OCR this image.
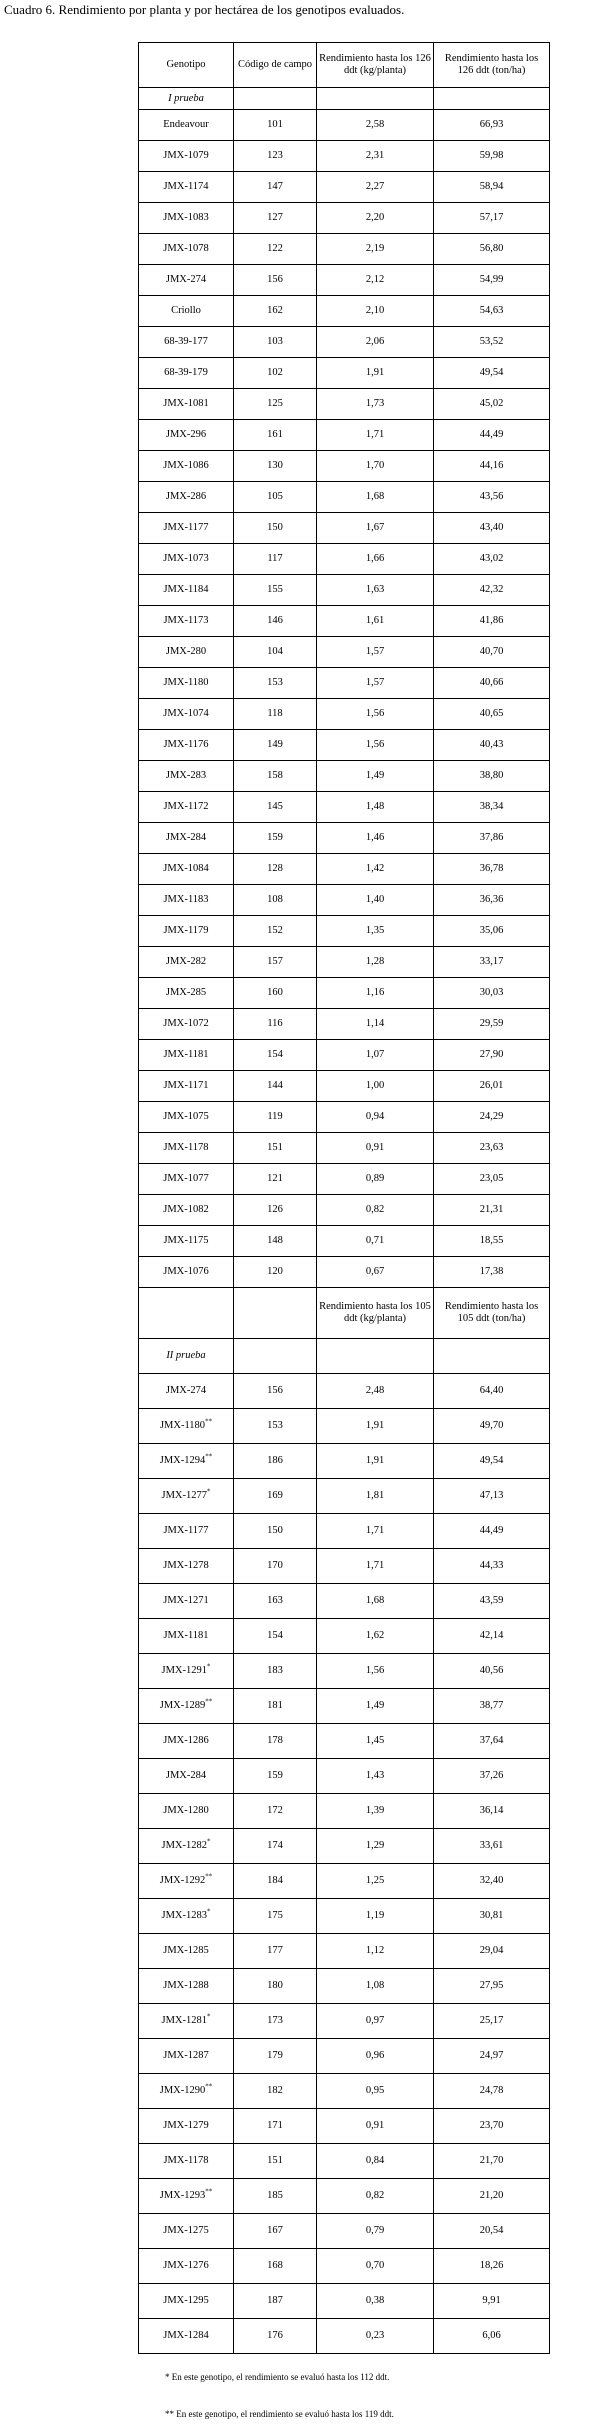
Cuadro 6. Rendimiento por planta y por hectárea de los genotipos evaluados.
Genotipo	Código de campo	Rendimiento hasta los 126 ddt (kg/planta)	Rendimiento hasta los 126 ddt (ton/ha)
I prueba			
Endeavour	101	2,58	66,93
JMX-1079	123	2,31	59,98
JMX-1174	147	2,27	58,94
JMX-1083	127	2,20	57,17
JMX-1078	122	2,19	56,80
JMX-274	156	2,12	54,99
Criollo	162	2,10	54,63
68-39-177	103	2,06	53,52
68-39-179	102	1,91	49,54
JMX-1081	125	1,73	45,02
JMX-296	161	1,71	44,49
JMX-1086	130	1,70	44,16
JMX-286	105	1,68	43,56
JMX-1177	150	1,67	43,40
JMX-1073	117	1,66	43,02
JMX-1184	155	1,63	42,32
JMX-1173	146	1,61	41,86
JMX-280	104	1,57	40,70
JMX-1180	153	1,57	40,66
JMX-1074	118	1,56	40,65
JMX-1176	149	1,56	40,43
JMX-283	158	1,49	38,80
JMX-1172	145	1,48	38,34
JMX-284	159	1,46	37,86
JMX-1084	128	1,42	36,78
JMX-1183	108	1,40	36,36
JMX-1179	152	1,35	35,06
JMX-282	157	1,28	33,17
JMX-285	160	1,16	30,03
JMX-1072	116	1,14	29,59
JMX-1181	154	1,07	27,90
JMX-1171	144	1,00	26,01
JMX-1075	119	0,94	24,29
JMX-1178	151	0,91	23,63
JMX-1077	121	0,89	23,05
JMX-1082	126	0,82	21,31
JMX-1175	148	0,71	18,55
JMX-1076	120	0,67	17,38
		Rendimiento hasta los 105 ddt (kg/planta)	Rendimiento hasta los 105 ddt (ton/ha)
II prueba			
JMX-274	156	2,48	64,40
JMX-1180**	153	1,91	49,70
JMX-1294**	186	1,91	49,54
JMX-1277*	169	1,81	47,13
JMX-1177	150	1,71	44,49
JMX-1278	170	1,71	44,33
JMX-1271	163	1,68	43,59
JMX-1181	154	1,62	42,14
JMX-1291*	183	1,56	40,56
JMX-1289**	181	1,49	38,77
JMX-1286	178	1,45	37,64
JMX-284	159	1,43	37,26
JMX-1280	172	1,39	36,14
JMX-1282*	174	1,29	33,61
JMX-1292**	184	1,25	32,40
JMX-1283*	175	1,19	30,81
JMX-1285	177	1,12	29,04
JMX-1288	180	1,08	27,95
JMX-1281*	173	0,97	25,17
JMX-1287	179	0,96	24,97
JMX-1290**	182	0,95	24,78
JMX-1279	171	0,91	23,70
JMX-1178	151	0,84	21,70
JMX-1293**	185	0,82	21,20
JMX-1275	167	0,79	20,54
JMX-1276	168	0,70	18,26
JMX-1295	187	0,38	9,91
JMX-1284	176	0,23	6,06
* En este genotipo, el rendimiento se evaluó hasta los 112 ddt.
** En este genotipo, el rendimiento se evaluó hasta los 119 ddt.
